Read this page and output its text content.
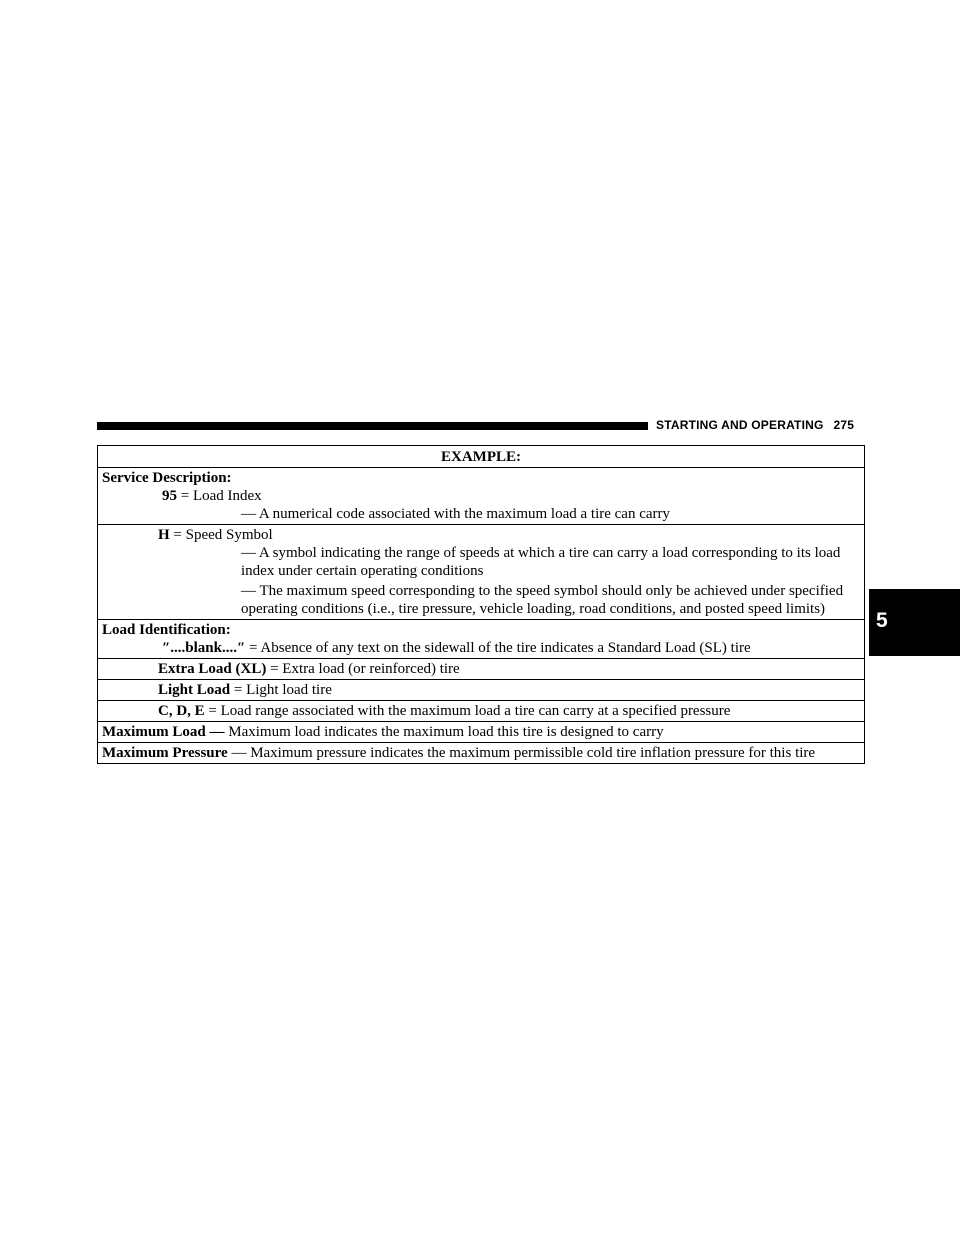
STARTING AND OPERATING 275
5
EXAMPLE:
Service Description:
95 = Load Index
— A numerical code associated with the maximum load a tire can carry
H = Speed Symbol
— A symbol indicating the range of speeds at which a tire can carry a load corresponding to its load index under certain operating conditions
— The maximum speed corresponding to the speed symbol should only be achieved under specified operating conditions (i.e., tire pressure, vehicle loading, road conditions, and posted speed limits)
Load Identification:
″....blank....″ = Absence of any text on the sidewall of the tire indicates a Standard Load (SL) tire
Extra Load (XL) = Extra load (or reinforced) tire
Light Load = Light load tire
C, D, E = Load range associated with the maximum load a tire can carry at a specified pressure
Maximum Load — Maximum load indicates the maximum load this tire is designed to carry
Maximum Pressure — Maximum pressure indicates the maximum permissible cold tire inflation pressure for this tire
